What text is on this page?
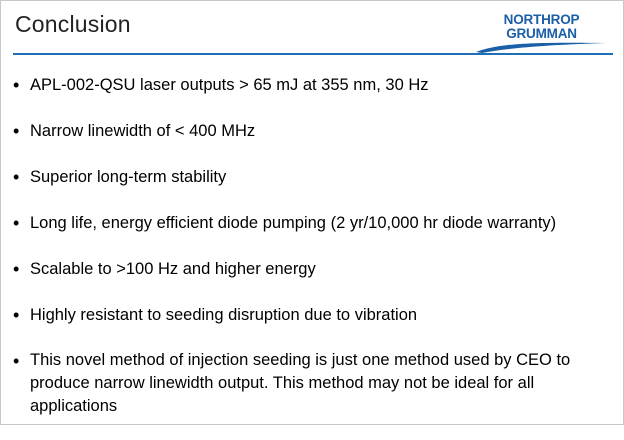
Conclusion	NORTHROP GRUMMAN
• APL-002-QSU laser outputs > 65 mJ at 355 nm, 30 Hz
• Narrow linewidth of < 400 MHz
• Superior long-term stability
• Long life, energy efficient diode pumping (2 yr/10,000 hr diode warranty)
• Scalable to >100 Hz and higher energy
• Highly resistant to seeding disruption due to vibration
• This novel method of injection seeding is just one method used by CEO to produce narrow linewidth output. This method may not be ideal for all applications
